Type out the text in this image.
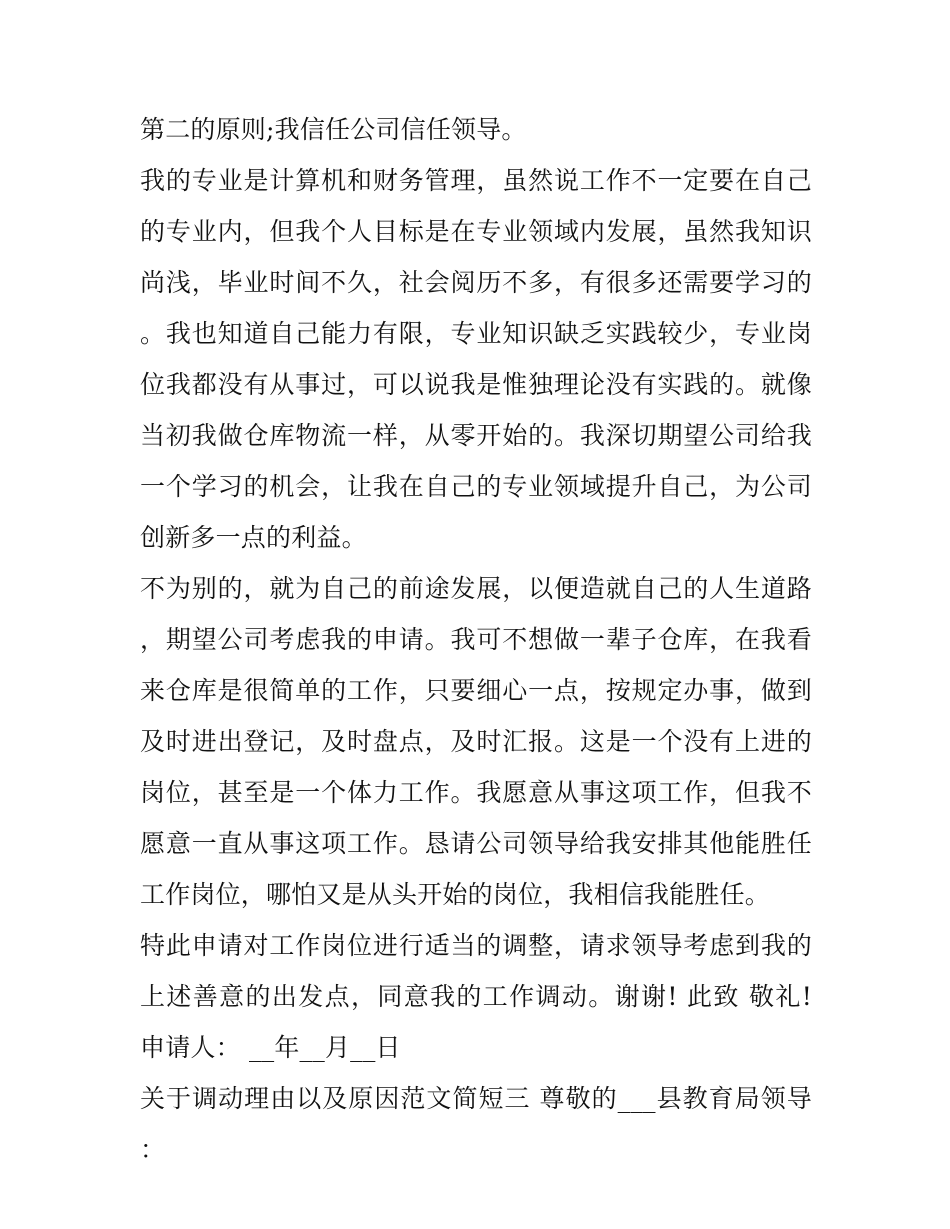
第二的原则;我信任公司信任领导。

我的专业是计算机和财务管理，虽然说工作不一定要在自己的专业内，但我个人目标是在专业领域内发展，虽然我知识尚浅，毕业时间不久，社会阅历不多，有很多还需要学习的。我也知道自己能力有限，专业知识缺乏实践较少，专业岗位我都没有从事过，可以说我是惟独理论没有实践的。就像当初我做仓库物流一样，从零开始的。我深切期望公司给我一个学习的机会，让我在自己的专业领域提升自己，为公司创新多一点的利益。

不为别的，就为自己的前途发展，以便造就自己的人生道路，期望公司考虑我的申请。我可不想做一辈子仓库，在我看来仓库是很简单的工作，只要细心一点，按规定办事，做到及时进出登记，及时盘点，及时汇报。这是一个没有上进的岗位，甚至是一个体力工作。我愿意从事这项工作，但我不愿意一直从事这项工作。恳请公司领导给我安排其他能胜任工作岗位，哪怕又是从头开始的岗位，我相信我能胜任。

特此申请对工作岗位进行适当的调整，请求领导考虑到我的上述善意的出发点，同意我的工作调动。谢谢! 此致 敬礼! 申请人： __年__月__日

关于调动理由以及原因范文简短三 尊敬的___县教育局领导：
